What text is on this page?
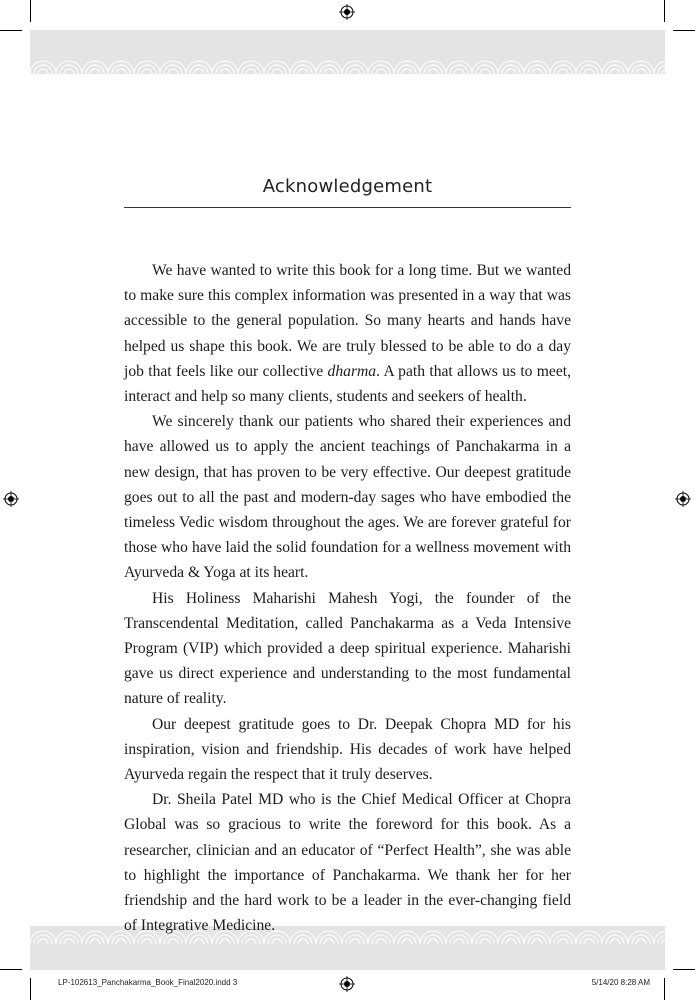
Acknowledgement

We have wanted to write this book for a long time. But we wanted to make sure this complex information was presented in a way that was accessible to the general population. So many hearts and hands have helped us shape this book. We are truly blessed to be able to do a day job that feels like our collective dharma. A path that allows us to meet, interact and help so many clients, students and seekers of health.

We sincerely thank our patients who shared their experiences and have allowed us to apply the ancient teachings of Panchakarma in a new design, that has proven to be very effective. Our deepest gratitude goes out to all the past and modern-day sages who have embodied the timeless Vedic wisdom throughout the ages. We are forever grateful for those who have laid the solid foundation for a wellness movement with Ayurveda & Yoga at its heart.

His Holiness Maharishi Mahesh Yogi, the founder of the Transcendental Meditation, called Panchakarma as a Veda Intensive Program (VIP) which provided a deep spiritual experience. Maharishi gave us direct experience and understanding to the most fundamental nature of reality.

Our deepest gratitude goes to Dr. Deepak Chopra MD for his inspiration, vision and friendship. His decades of work have helped Ayurveda regain the respect that it truly deserves.

Dr. Sheila Patel MD who is the Chief Medical Officer at Chopra Global was so gracious to write the foreword for this book. As a researcher, clinician and an educator of “Perfect Health”, she was able to highlight the importance of Panchakarma. We thank her for her friendship and the hard work to be a leader in the ever-changing field of Integrative Medicine.

LP-102613_Panchakarma_Book_Final2020.indd 3	5/14/20 8:28 AM
